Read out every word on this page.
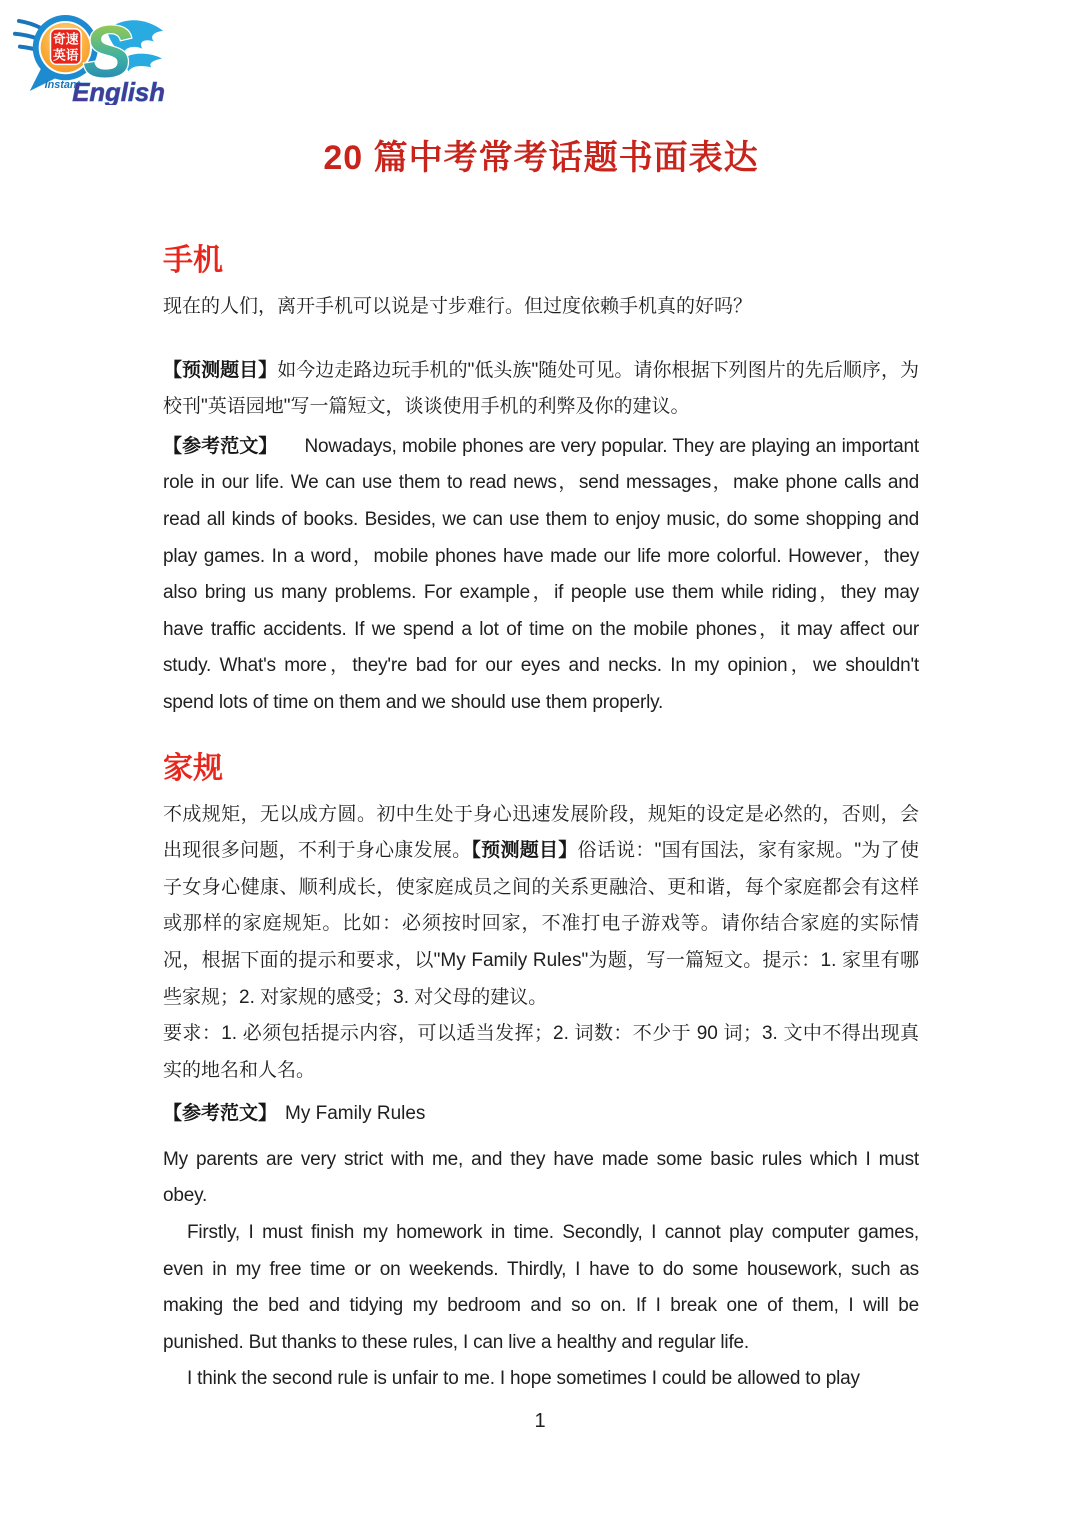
S
奇速
英语
Instant
English
20 篇中考常考话题书面表达
手机

现在的人们，离开手机可以说是寸步难行。但过度依赖手机真的好吗？

【预测题目】如今边走路边玩手机的"低头族"随处可见。请你根据下列图片的先后顺序，为校刊"英语园地"写一篇短文，谈谈使用手机的利弊及你的建议。

【参考范文】 Nowadays, mobile phones are very popular. They are playing an important role in our life. We can use them to read news，send messages，make phone calls and read all kinds of books. Besides, we can use them to enjoy music, do some shopping and play games. In a word，mobile phones have made our life more colorful. However，they also bring us many problems. For example，if people use them while riding，they may have traffic accidents. If we spend a lot of time on the mobile phones，it may affect our study. What's more，they're bad for our eyes and necks. In my opinion，we shouldn't spend lots of time on them and we should use them properly.

家规

不成规矩，无以成方圆。初中生处于身心迅速发展阶段，规矩的设定是必然的，否则，会出现很多问题，不利于身心康发展。【预测题目】俗话说："国有国法，家有家规。"为了使子女身心健康、顺利成长，使家庭成员之间的关系更融洽、更和谐，每个家庭都会有这样或那样的家庭规矩。比如：必须按时回家，不准打电子游戏等。请你结合家庭的实际情况，根据下面的提示和要求，以"My Family Rules"为题，写一篇短文。提示：1. 家里有哪些家规；2. 对家规的感受；3. 对父母的建议。

要求：1. 必须包括提示内容，可以适当发挥；2. 词数：不少于 90 词；3. 文中不得出现真实的地名和人名。

【参考范文】 My Family Rules

My parents are very strict with me, and they have made some basic rules which I must obey.

Firstly, I must finish my homework in time. Secondly, I cannot play computer games, even in my free time or on weekends. Thirdly, I have to do some housework, such as making the bed and tidying my bedroom and so on. If I break one of them, I will be punished. But thanks to these rules, I can live a healthy and regular life.

I think the second rule is unfair to me. I hope sometimes I could be allowed to play

1
